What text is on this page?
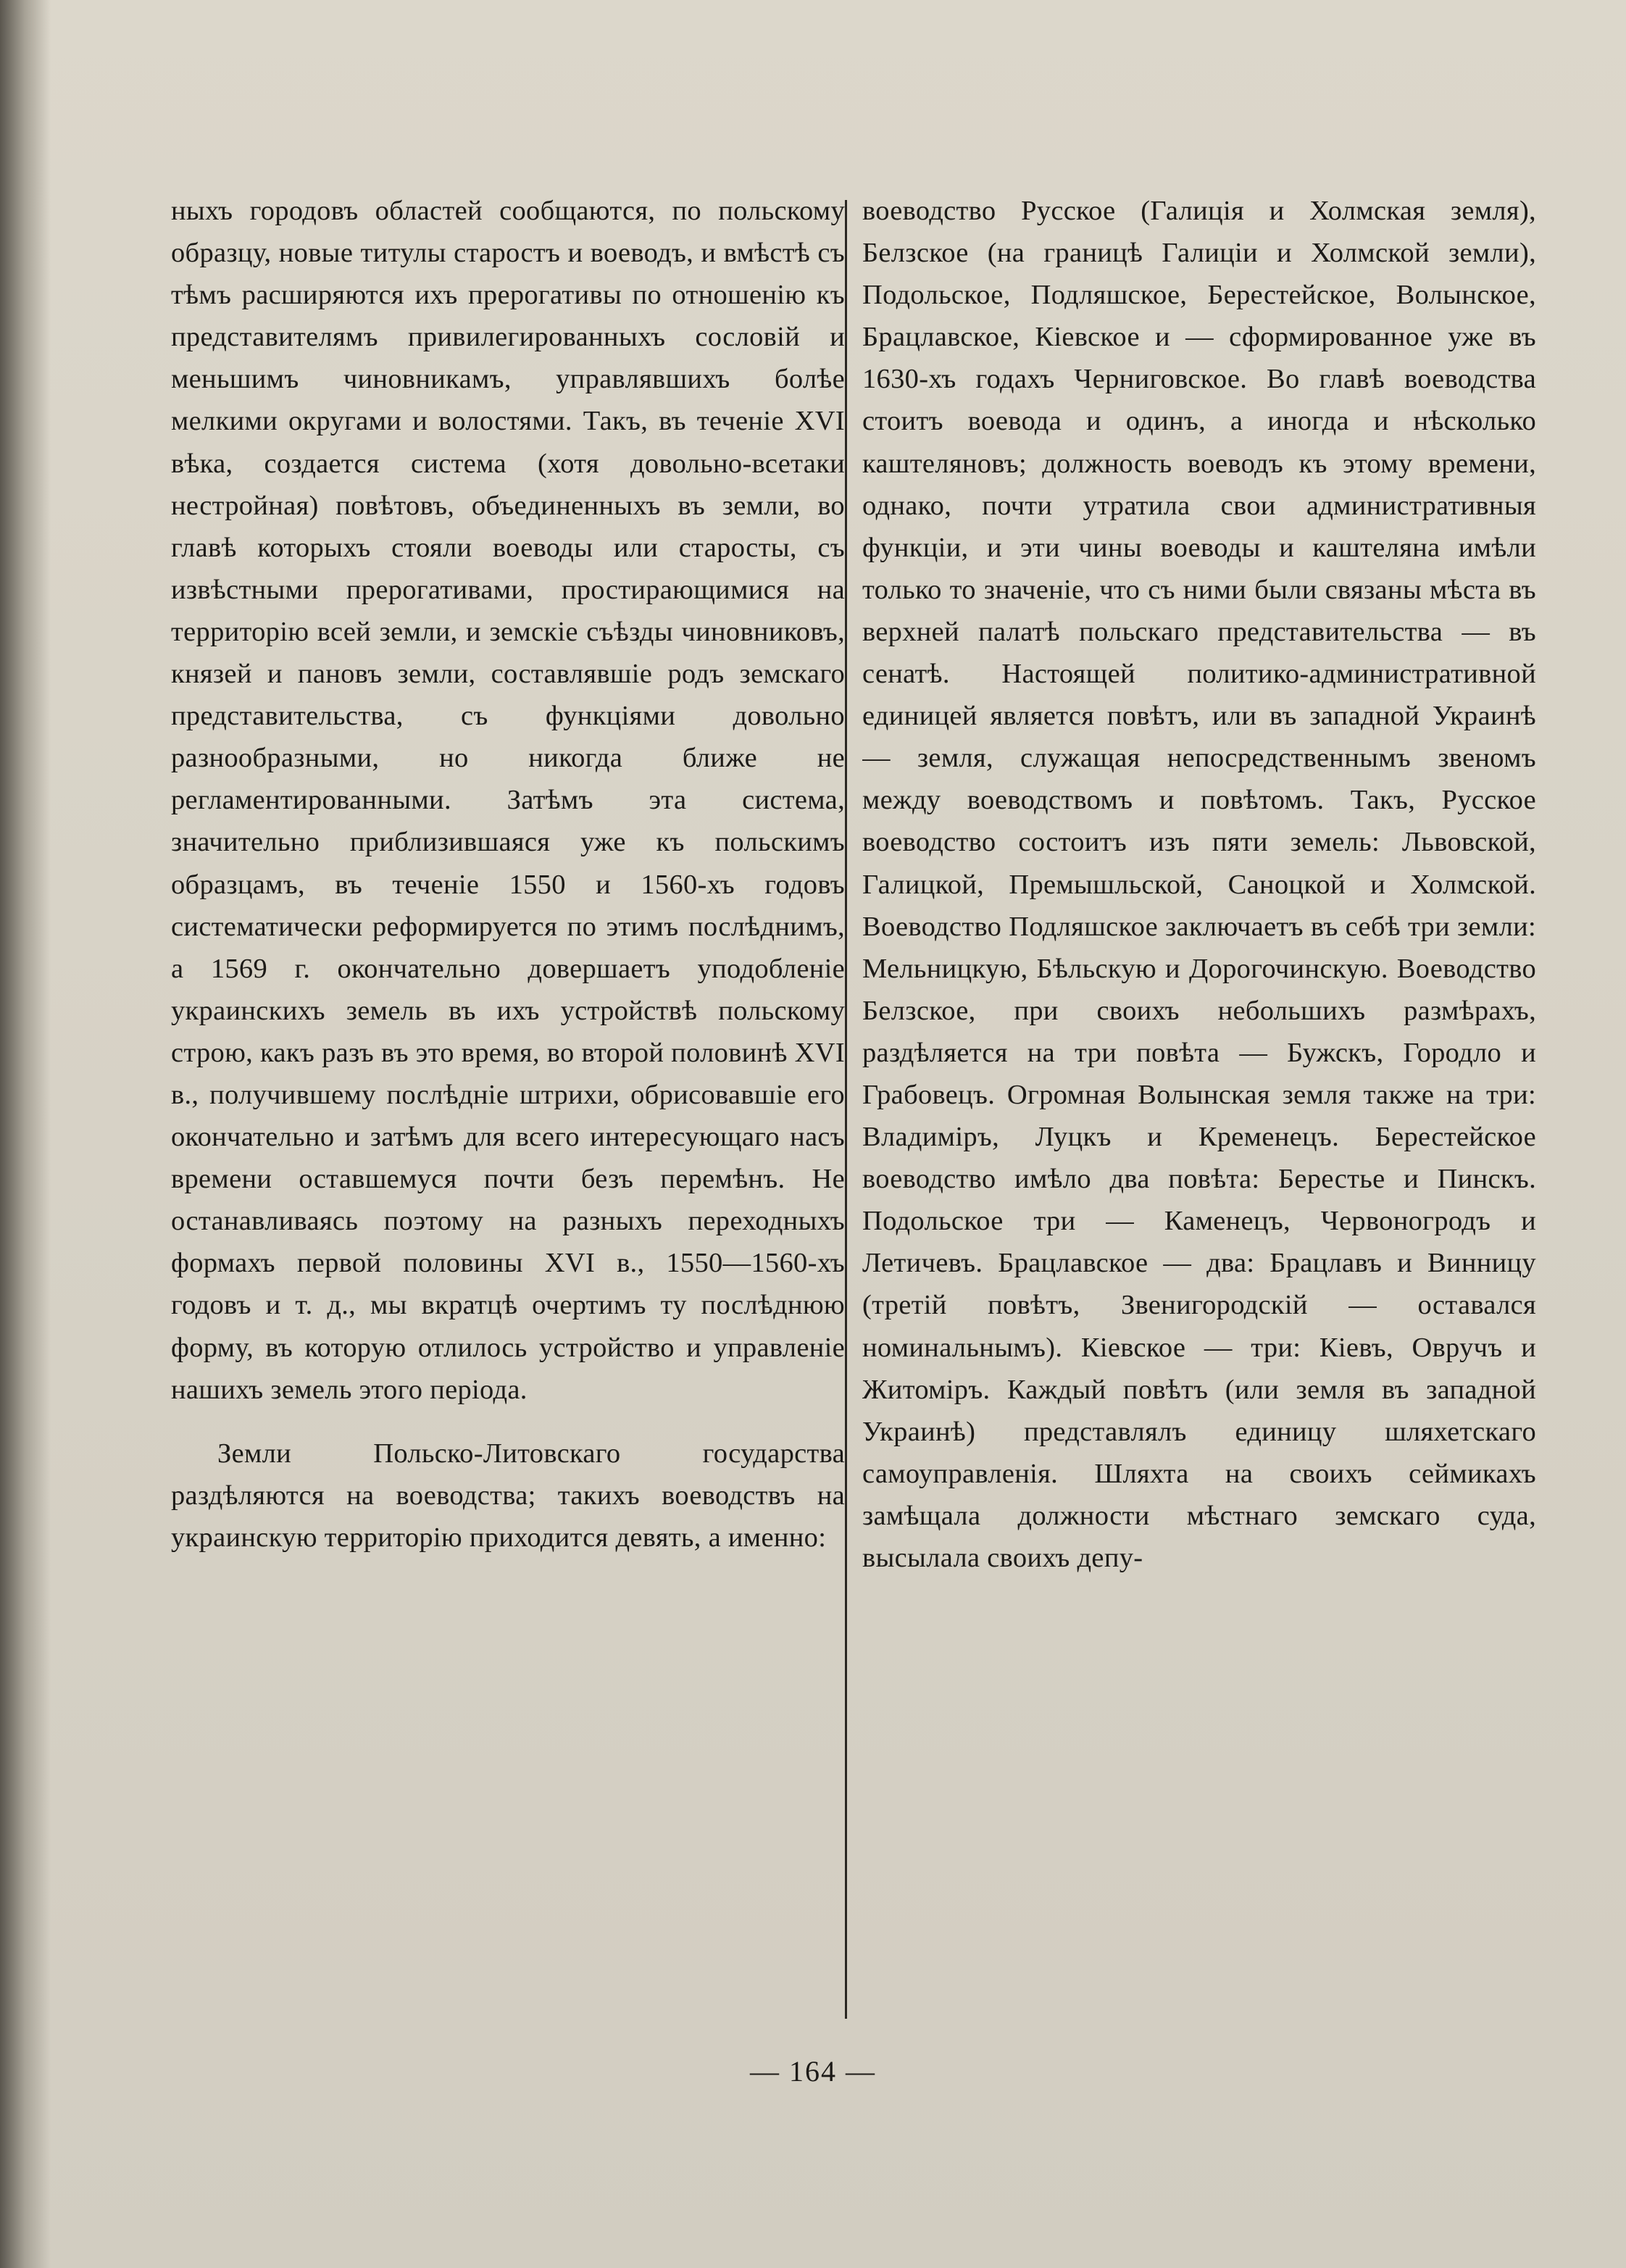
ныхъ городовъ областей сообщаются, по польскому образцу, новые титулы старостъ и воеводъ, и вмѣстѣ съ тѣмъ расширяются ихъ прерогативы по отношенію къ представителямъ привилегированныхъ сословій и меньшимъ чиновникамъ, управлявшихъ болѣе мелкими округами и волостями. Такъ, въ теченіе XVI вѣка, создается система (хотя довольно-всетаки нестройная) повѣтовъ, объединенныхъ въ земли, во главѣ которыхъ стояли воеводы или старосты, съ извѣстными прерогативами, простирающимися на территорію всей земли, и земскіе съѣзды чиновниковъ, князей и пановъ земли, составлявшіе родъ земскаго представительства, съ функціями довольно разнообразными, но никогда ближе не регламентированными. Затѣмъ эта система, значительно приблизившаяся уже къ польскимъ образцамъ, въ теченіе 1550 и 1560-хъ годовъ систематически реформируется по этимъ послѣднимъ, а 1569 г. окончательно довершаетъ уподобленіе украинскихъ земель въ ихъ устройствѣ польскому строю, какъ разъ въ это время, во второй половинѣ XVI в., получившему послѣдніе штрихи, обрисовавшіе его окончательно и затѣмъ для всего интересующаго насъ времени оставшемуся почти безъ перемѣнъ. Не останавливаясь поэтому на разныхъ переходныхъ формахъ первой половины XVI в., 1550—1560-хъ годовъ и т. д., мы вкратцѣ очертимъ ту послѣднюю форму, въ которую отлилось устройство и управленіе нашихъ земель этого періода.

Земли Польско-Литовскаго государства раздѣляются на воеводства; такихъ воеводствъ на украинскую территорію приходится девять, а именно:

воеводство Русское (Галиція и Холмская земля), Белзское (на границѣ Галиціи и Холмской земли), Подольское, Подляшское, Берестейское, Волынское, Брацлавское, Кіевское и — сформированное уже въ 1630-хъ годахъ Черниговское. Во главѣ воеводства стоитъ воевода и одинъ, а иногда и нѣсколько каштеляновъ; должность воеводъ къ этому времени, однако, почти утратила свои административныя функціи, и эти чины воеводы и каштеляна имѣли только то значеніе, что съ ними были связаны мѣста въ верхней палатѣ польскаго представительства — въ сенатѣ. Настоящей политико-административной единицей является повѣтъ, или въ западной Украинѣ — земля, служащая непосредственнымъ звеномъ между воеводствомъ и повѣтомъ. Такъ, Русское воеводство состоитъ изъ пяти земель: Львовской, Галицкой, Премышльской, Саноцкой и Холмской. Воеводство Подляшское заключаетъ въ себѣ три земли: Мельницкую, Бѣльскую и Дорогочинскую. Воеводство Белзское, при своихъ небольшихъ размѣрахъ, раздѣляется на три повѣта — Бужскъ, Городло и Грабовецъ. Огромная Волынская земля также на три: Владиміръ, Луцкъ и Кременецъ. Берестейское воеводство имѣло два повѣта: Берестье и Пинскъ. Подольское три — Каменецъ, Червоногродъ и Летичевъ. Брацлавское — два: Брацлавъ и Винницу (третій повѣтъ, Звенигородскій — оставался номинальнымъ). Кіевское — три: Кіевъ, Овручъ и Житоміръ. Каждый повѣтъ (или земля въ западной Украинѣ) представлялъ единицу шляхетскаго самоуправленія. Шляхта на своихъ сеймикахъ замѣщала должности мѣстнаго земскаго суда, высылала своихъ депу-

— 164 —
